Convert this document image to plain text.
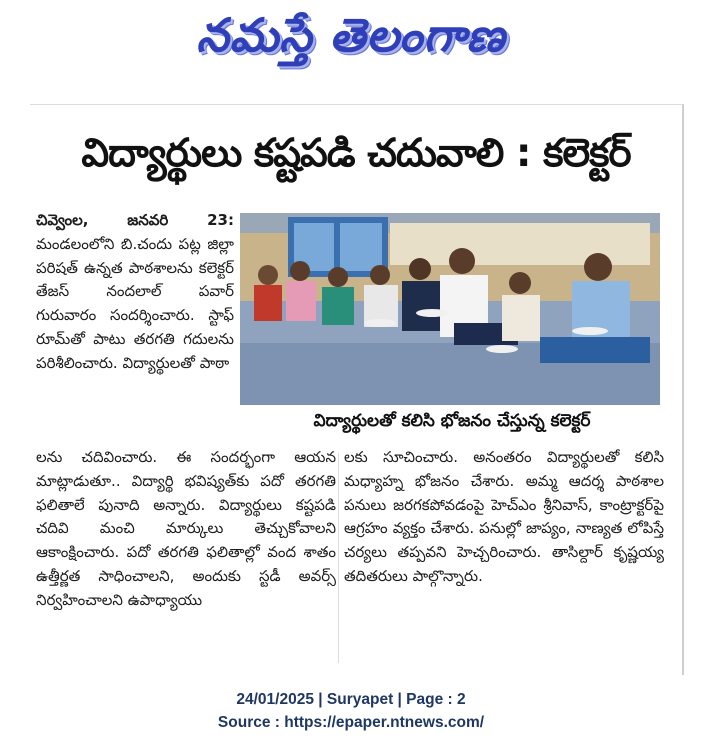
నమస్తే తెలంగాణ
విద్యార్థులు కష్టపడి చదువాలి : కలెక్టర్
చివ్వెంల, జనవరి 23: మండలంలోని బి.చందు పట్ల జిల్లా పరిషత్ ఉన్నత పాఠశాలను కలెక్టర్ తేజస్ నందలాల్ పవార్ గురువారం సందర్శించారు. స్టాఫ్ రూమ్‌తో పాటు తరగతి గదులను పరిశీలించారు. విద్యార్థులతో పాఠా
విద్యార్థులతో కలిసి భోజనం చేస్తున్న కలెక్టర్
లను చదివించారు. ఈ సందర్భంగా ఆయన మాట్లాడుతూ.. విద్యార్థి భవిష్యత్‌కు పదో తరగతి ఫలితాలే పునాది అన్నారు. విద్యార్థులు కష్టపడి చదివి మంచి మార్కులు తెచ్చుకోవాలని ఆకాంక్షించారు. పదో తరగతి ఫలితాల్లో వంద శాతం ఉత్తీర్ణత సాధించాలని, అందుకు స్టడీ అవర్స్ నిర్వహించాలని ఉపాధ్యాయు
లకు సూచించారు. అనంతరం విద్యార్థులతో కలిసి మధ్యాహ్న భోజనం చేశారు. అమ్మ ఆదర్శ పాఠశాల పనులు జరగకపోవడంపై హెచ్ఎం శ్రీనివాస్, కాంట్రాక్టర్‌పై ఆగ్రహం వ్యక్తం చేశారు. పనుల్లో జాప్యం, నాణ్యత లోపిస్తే చర్యలు తప్పవని హెచ్చరించారు. తాసిల్దార్ కృష్ణయ్య తదితరులు పాల్గొన్నారు.
24/01/2025 | Suryapet | Page : 2
Source : https://epaper.ntnews.com/
